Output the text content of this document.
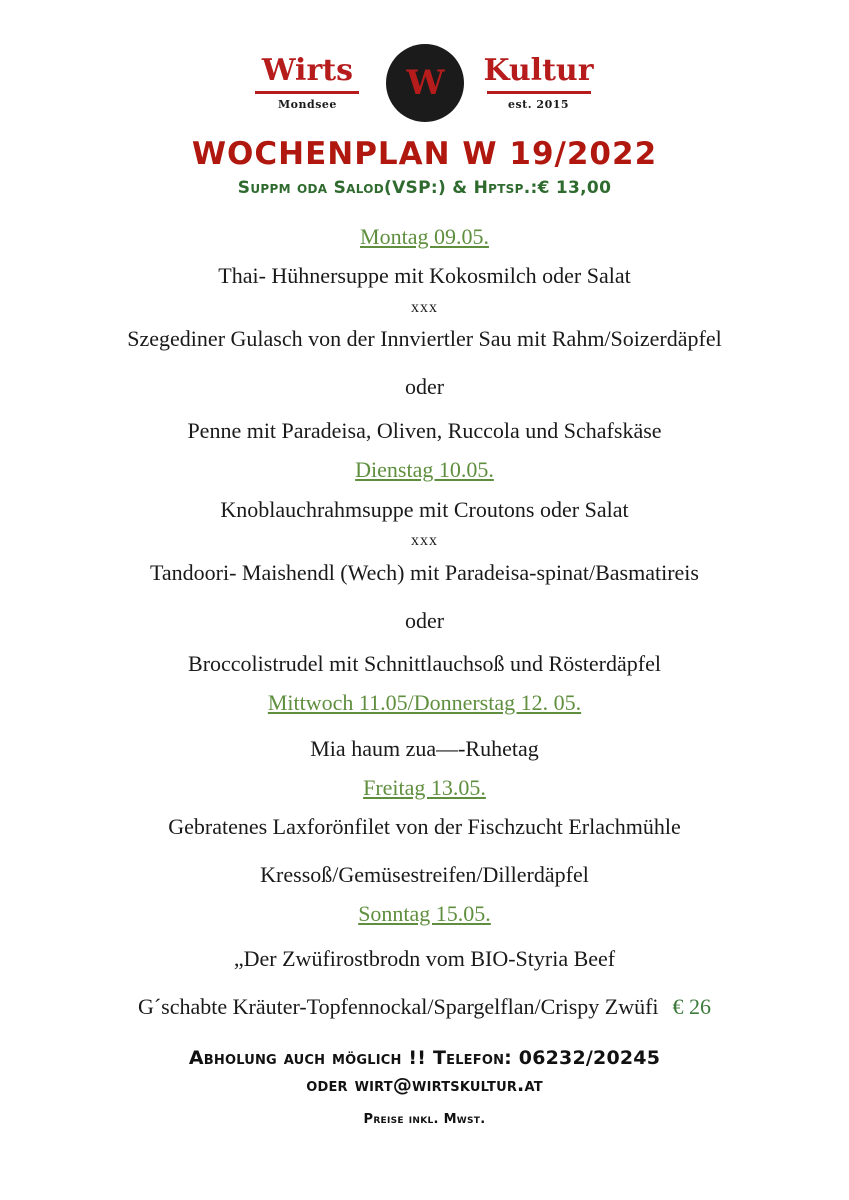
Wirts
Mondsee
W Kultur
est. 2015
WOCHENPLAN W 19/2022
Suppm oda Salod(VSP:) & Hptsp.:€ 13,00
Montag 09.05.
Thai- Hühnersuppe mit Kokosmilch oder Salat
xxx
Szegediner Gulasch von der Innviertler Sau mit Rahm/Soizerdäpfel
oder
Penne mit Paradeisa, Oliven, Ruccola und Schafskäse
Dienstag 10.05.
Knoblauchrahmsuppe mit Croutons oder Salat
xxx
Tandoori- Maishendl (Wech) mit Paradeisa-spinat/Basmatireis
oder
Broccolistrudel mit Schnittlauchsoß und Rösterdäpfel
Mittwoch 11.05/Donnerstag 12. 05.
Mia haum zua—-Ruhetag
Freitag 13.05.
Gebratenes Laxforönfilet von der Fischzucht Erlachmühle
Kressoß/Gemüsestreifen/Dillerdäpfel
Sonntag 15.05.
„Der Zwüfirostbrodn vom BIO-Styria Beef
G´schabte Kräuter-Topfennockal/Spargelflan/Crispy Zwüfi € 26
Abholung auch möglich !! Telefon: 06232/20245
oder wirt@wirtskultur.at
Preise inkl. Mwst.
